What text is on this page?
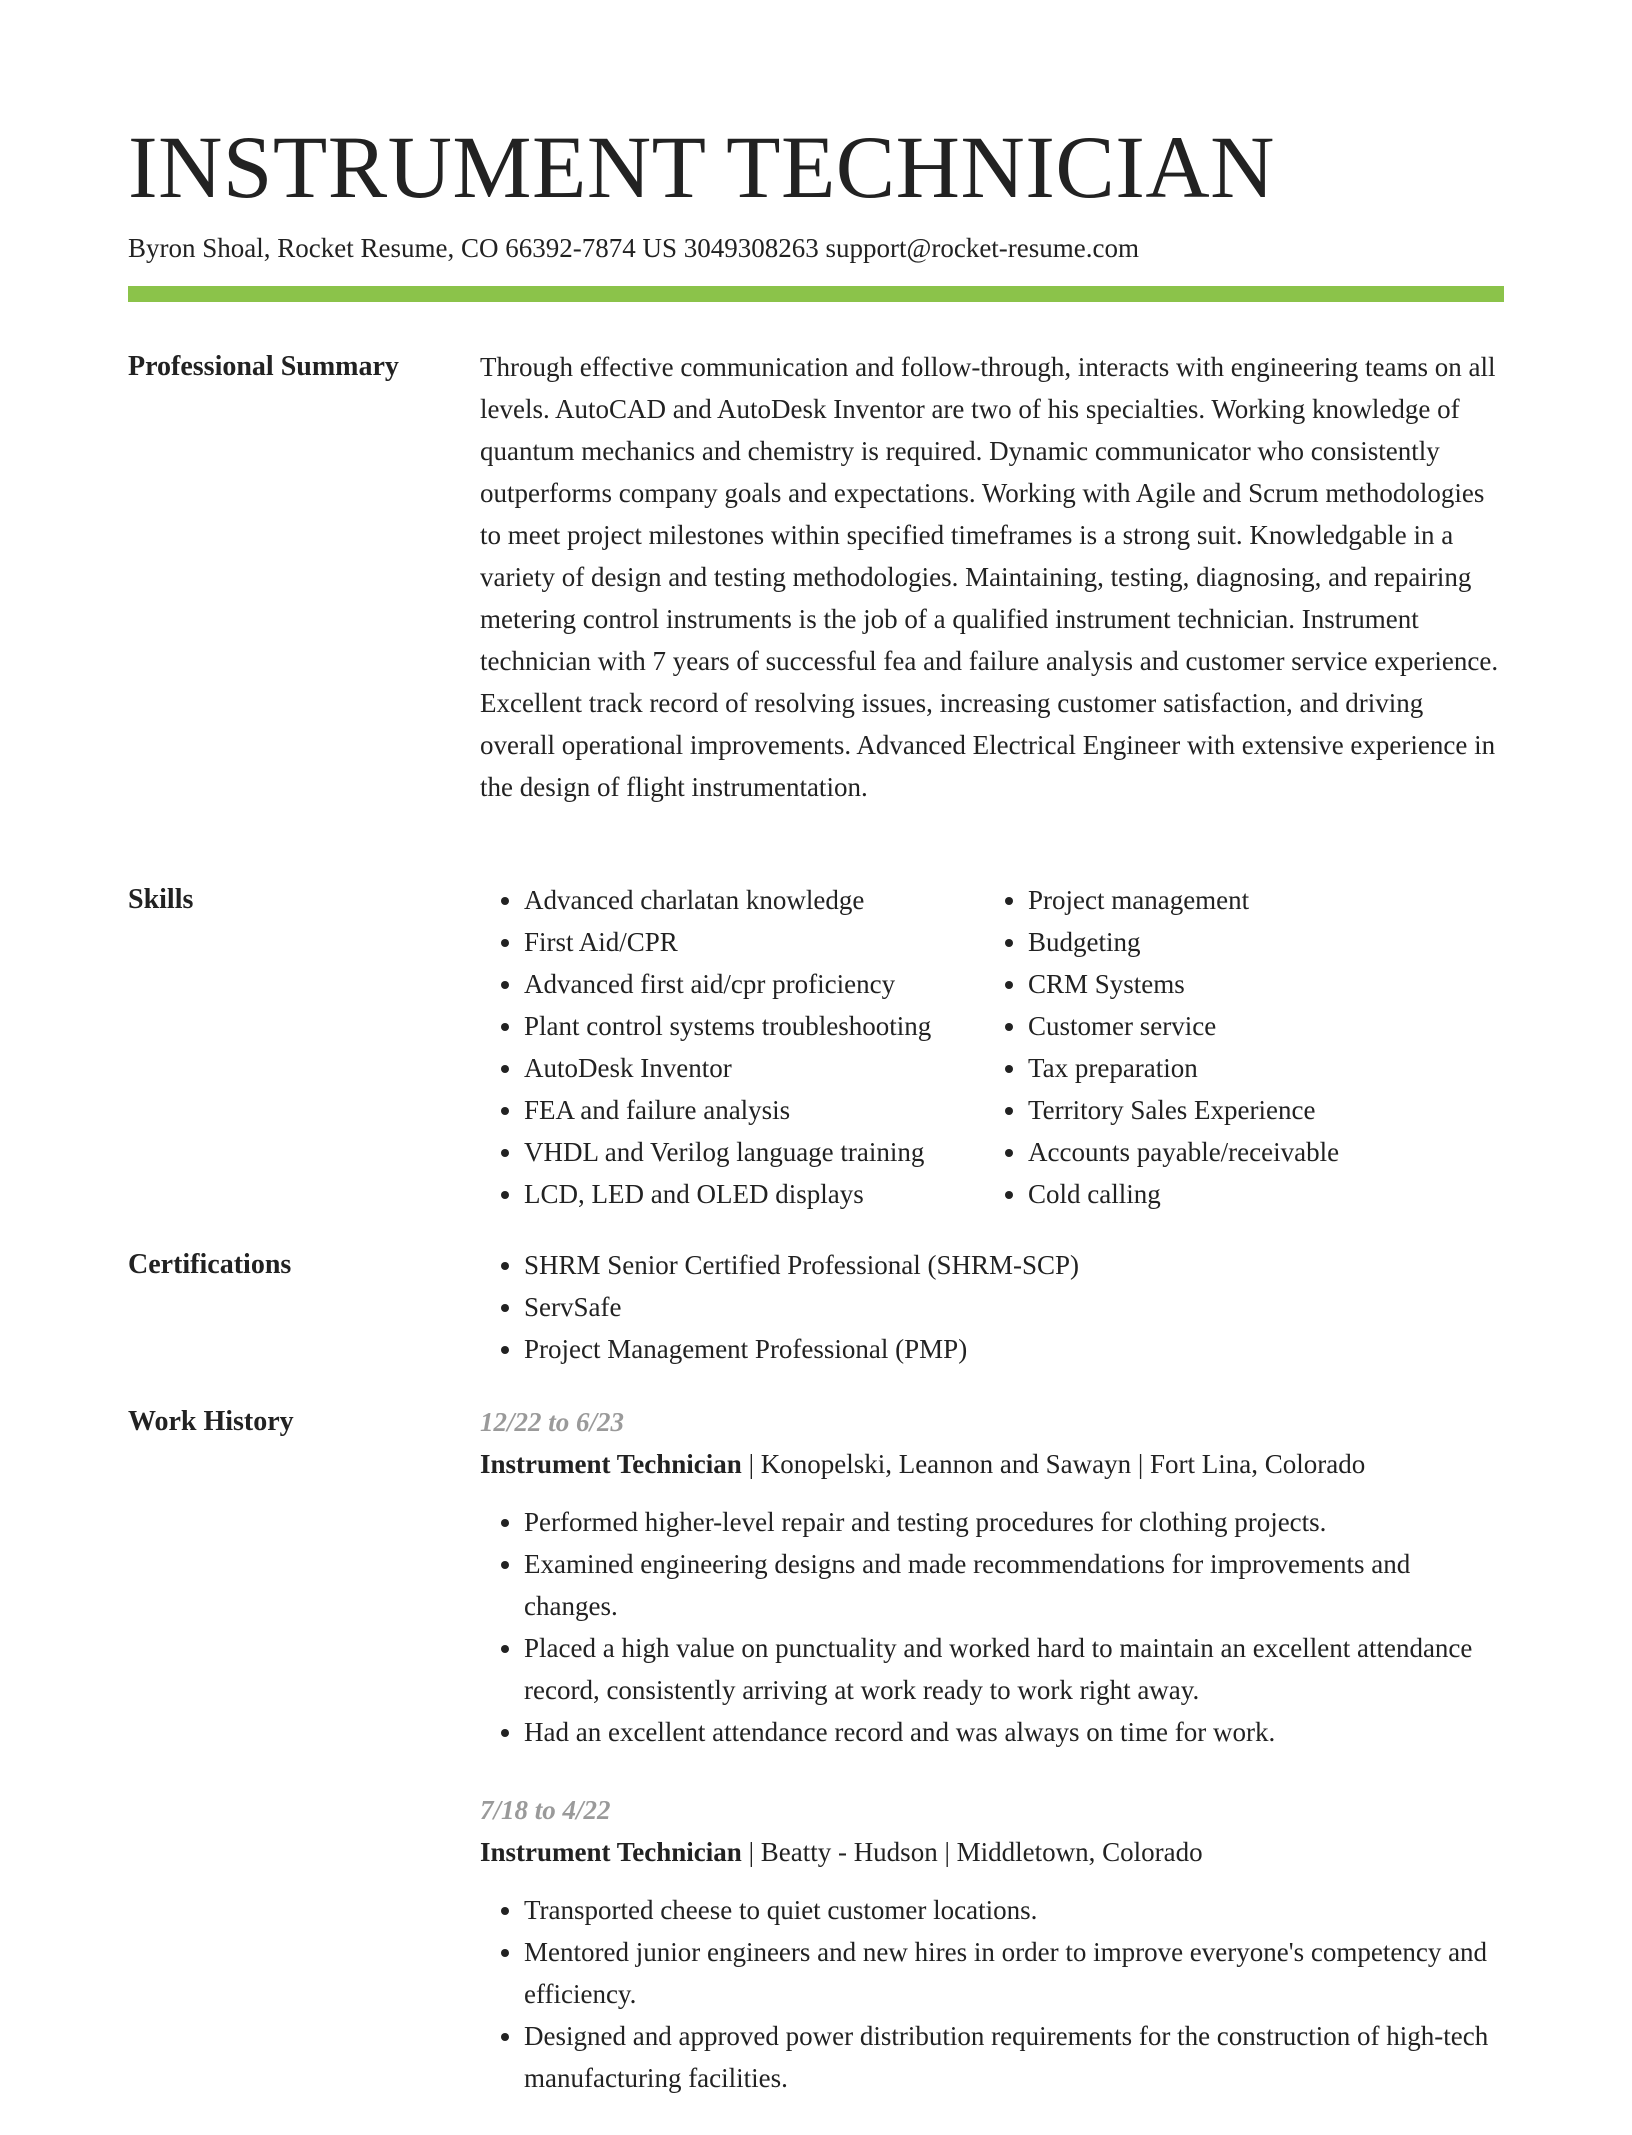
INSTRUMENT TECHNICIAN
Byron Shoal, Rocket Resume, CO 66392-7874 US 3049308263 support@rocket-resume.com
Professional Summary	Through effective communication and follow-through, interacts with engineering teams on all levels. AutoCAD and AutoDesk Inventor are two of his specialties. Working knowledge of quantum mechanics and chemistry is required. Dynamic communicator who consistently outperforms company goals and expectations. Working with Agile and Scrum methodologies to meet project milestones within specified timeframes is a strong suit. Knowledgable in a variety of design and testing methodologies. Maintaining, testing, diagnosing, and repairing metering control instruments is the job of a qualified instrument technician. Instrument technician with 7 years of successful fea and failure analysis and customer service experience. Excellent track record of resolving issues, increasing customer satisfaction, and driving overall operational improvements. Advanced Electrical Engineer with extensive experience in the design of flight instrumentation.

Skills	• Advanced charlatan knowledge
• First Aid/CPR
• Advanced first aid/cpr proficiency
• Plant control systems troubleshooting
• AutoDesk Inventor
• FEA and failure analysis
• VHDL and Verilog language training
• LCD, LED and OLED displays
• Project management
• Budgeting
• CRM Systems
• Customer service
• Tax preparation
• Territory Sales Experience
• Accounts payable/receivable
• Cold calling
Certifications	• SHRM Senior Certified Professional (SHRM-SCP)
• ServSafe
• Project Management Professional (PMP)
Work History	12/22 to 6/23
Instrument Technician | Konopelski, Leannon and Sawayn | Fort Lina, Colorado
• Performed higher-level repair and testing procedures for clothing projects.
• Examined engineering designs and made recommendations for improvements and changes.
• Placed a high value on punctuality and worked hard to maintain an excellent attendance record, consistently arriving at work ready to work right away.
• Had an excellent attendance record and was always on time for work.
7/18 to 4/22
Instrument Technician | Beatty - Hudson | Middletown, Colorado
• Transported cheese to quiet customer locations.
• Mentored junior engineers and new hires in order to improve everyone's competency and efficiency.
• Designed and approved power distribution requirements for the construction of high-tech manufacturing facilities.
